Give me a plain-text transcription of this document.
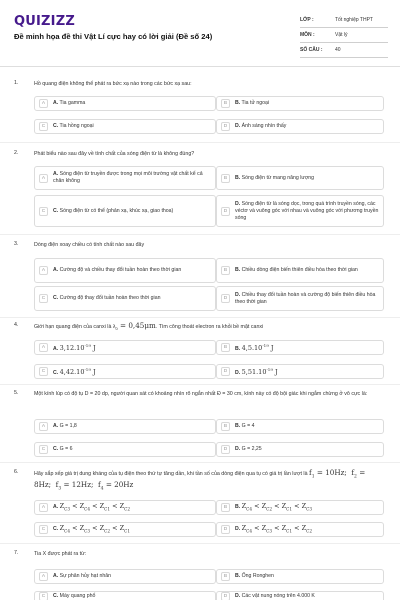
QUIZIZZ
Đề minh họa đề thi Vật Lí cực hay có lời giải (Đề số 24)
LỚP :	Tốt nghiệp THPT
MÔN :	Vật lý
SỐ CÂU :	40
1.	Hồ quang điện không thể phát ra bức xạ nào trong các bức xạ sau:
A	A. Tia gamma	B	B. Tia tử ngoại
C	C. Tia hồng ngoại	D	D. Ánh sáng nhìn thấy
2.	Phát biểu nào sau đây về tính chất của sóng điện từ là không đúng?
A
A. Sóng điện từ truyền được trong mọi môi trường vật chất kể cả chân không	B	B. Sóng điện từ mang năng lượng
C	C. Sóng điện từ có thể (phản xạ, khúc xạ, giao thoa)	D
D. Sóng điện từ là sóng dọc, trong quá trình truyền sóng, các véctơ và vuông góc với nhau và vuông góc với phương truyền sóng
3.	Dòng điện xoay chiều có tính chất nào sau đây
A	A. Cường độ và chiều thay đổi tuần hoàn theo thời gian	B	B. Chiều dòng điện biến thiên điều hòa theo thời gian
C	C. Cường độ thay đổi tuần hoàn theo thời gian	D
D. Chiều thay đổi tuần hoàn và cường độ biến thiên điều hòa theo thời gian
4.	Giới hạn quang điện của canxi là $\lambda_0 = 0,45\mu m$. Tìm công thoát electron ra khỏi bề mặt canxi
A	A. $3,12.10^{-19}$ J	B	B. $4,5.10^{-19}$ J
C	C. $4,42.10^{-19}$ J	D	D. $5,51.10^{-19}$ J
5.	Một kính lúp có độ tụ D = 20 dp, người quan sát có khoảng nhìn rõ ngắn nhất Đ = 30 cm, kính này có độ bội giác khi ngắm chừng ở vô cực là:
A	A. G = 1,8	B	B. G = 4
C	C. G = 6	D	D. G = 2,25
6.	Hãy sắp xếp giá trị dung kháng của tụ điện theo thứ tự tăng dần, khi tần số của dòng điện qua tụ có giá trị lần lượt là $f_1 = 10Hz$; $f_2 = 8Hz$; $f_3 = 12Hz$; $f_4 = 20Hz$
A	A. $Z_{C3} < Z_{C4} < Z_{C1} < Z_{C2}$	B	B. $Z_{C4} < Z_{C2} < Z_{C1} < Z_{C3}$
C	C. $Z_{C4} < Z_{C3} < Z_{C2} < Z_{C1}$	D	D. $Z_{C4} < Z_{C3} < Z_{C1} < Z_{C2}$
7.	Tia X được phát ra từ:
A	A. Sự phân hủy hạt nhân	B	B. Ống Ronghen
C	C. Máy quang phổ	D	D. Các vật nung nóng trên 4.000 K
